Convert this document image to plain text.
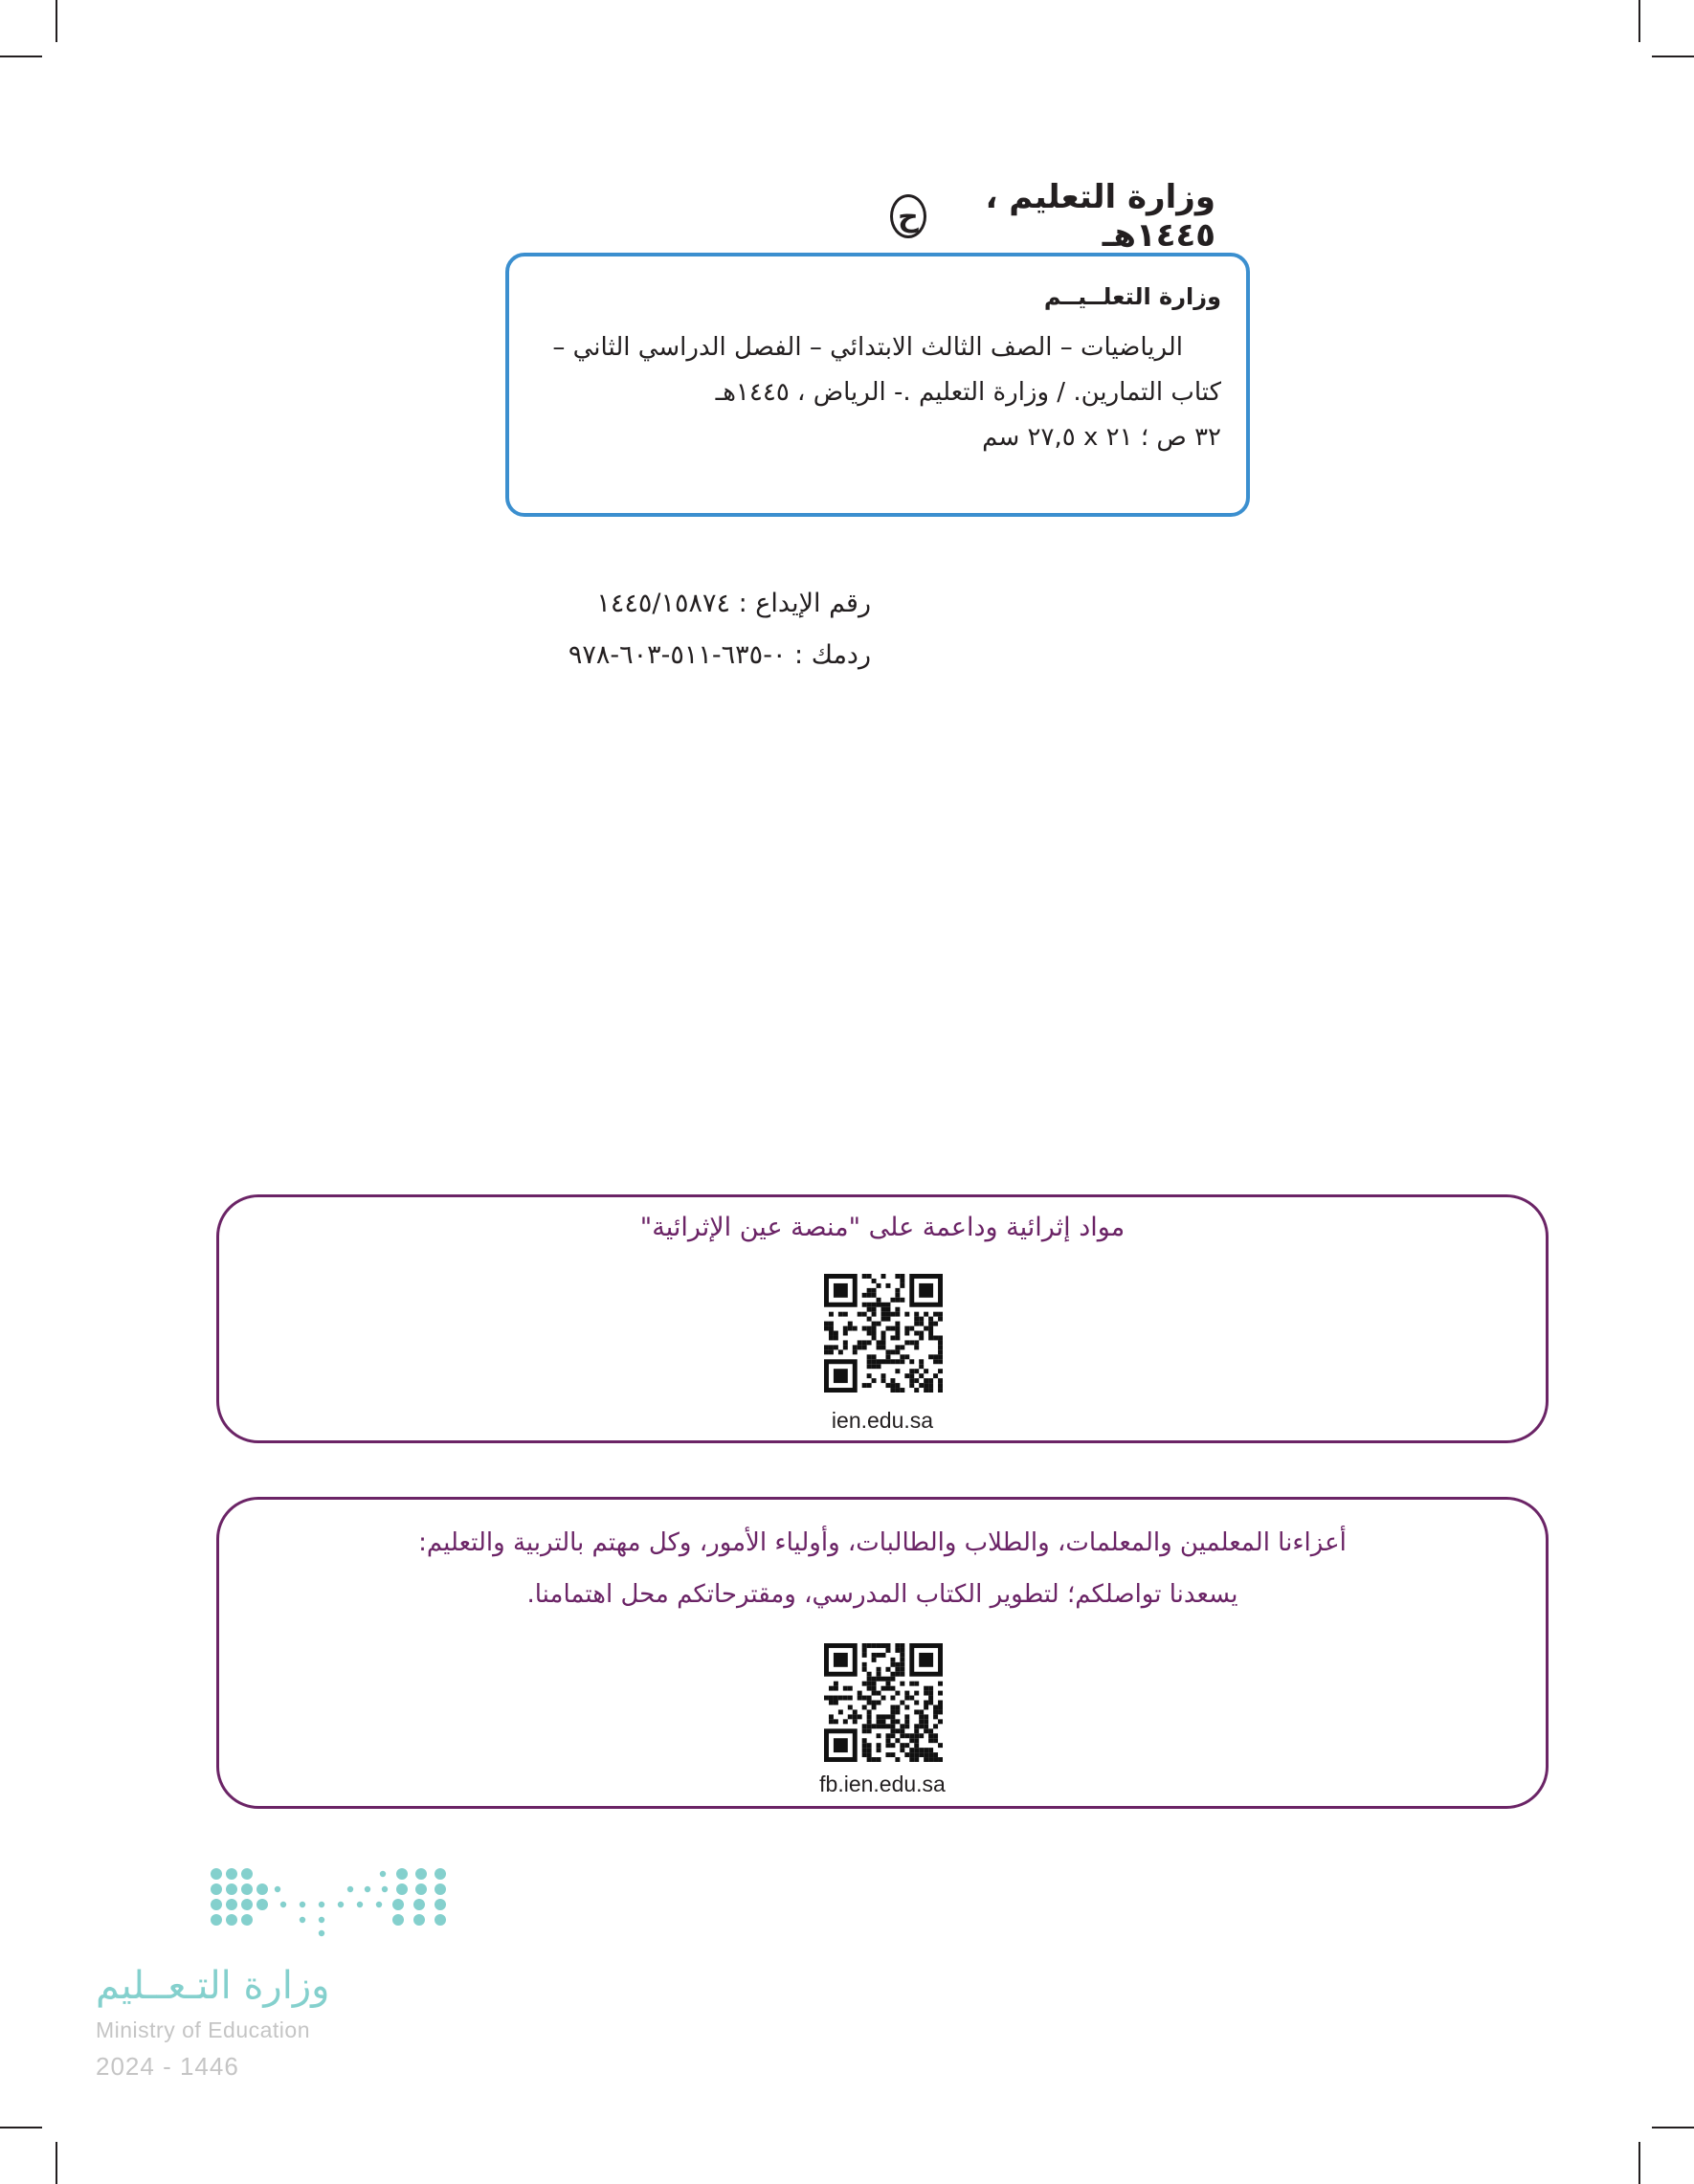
ح	وزارة التعليم ، ١٤٤٥هـ
وزارة التعلــيــم
الرياضيات – الصف الثالث الابتدائي – الفصل الدراسي الثاني –
كتاب التمارين. / وزارة التعليم .- الرياض ، ١٤٤٥هـ
٣٢ ص ؛ ٢١ x ٢٧,٥ سم
رقم الإيداع : ١٤٤٥/١٥٨٧٤
ردمك : ٠-٦٣٥-٥١١-٦٠٣-٩٧٨
مواد إثرائية وداعمة على "منصة عين الإثرائية"
ien.edu.sa
أعزاءنا المعلمين والمعلمات، والطلاب والطالبات، وأولياء الأمور، وكل مهتم بالتربية والتعليم:
يسعدنا تواصلكم؛ لتطوير الكتاب المدرسي، ومقترحاتكم محل اهتمامنا.
fb.ien.edu.sa
وزارة التـعــليم
Ministry of Education
2024 - 1446
